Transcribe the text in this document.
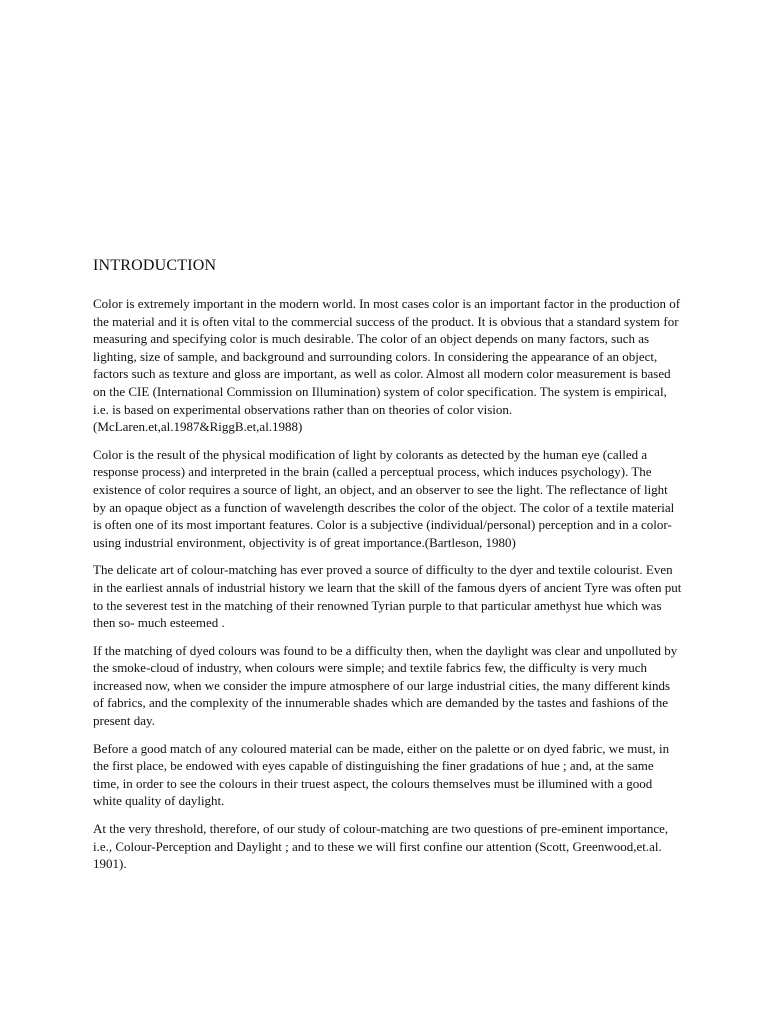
INTRODUCTION

Color is extremely important in the modern world. In most cases color is an important factor in the production of the material and it is often vital to the commercial success of the product. It is obvious that a standard system for measuring and specifying color is much desirable. The color of an object depends on many factors, such as lighting, size of sample, and background and surrounding colors. In considering the appearance of an object, factors such as texture and gloss are important, as well as color. Almost all modern color measurement is based on the CIE (International Commission on Illumination) system of color specification. The system is empirical, i.e. is based on experimental observations rather than on theories of color vision. (McLaren.et,al.1987&RiggB.et,al.1988)

Color is the result of the physical modification of light by colorants as detected by the human eye (called a response process) and interpreted in the brain (called a perceptual process, which induces psychology). The existence of color requires a source of light, an object, and an observer to see the light. The reflectance of light by an opaque object as a function of wavelength describes the color of the object. The color of a textile material is often one of its most important features. Color is a subjective (individual/personal) perception and in a color-using industrial environment, objectivity is of great importance.(Bartleson, 1980)

The delicate art of colour-matching has ever proved a source of difficulty to the dyer and textile colourist. Even in the earliest annals of industrial history we learn that the skill of the famous dyers of ancient Tyre was often put to the severest test in the matching of their renowned Tyrian purple to that particular amethyst hue which was then so- much esteemed .

If the matching of dyed colours was found to be a difficulty then, when the daylight was clear and unpolluted by the smoke-cloud of industry, when colours were simple; and textile fabrics few, the difficulty is very much increased now, when we consider the impure atmosphere of our large industrial cities, the many different kinds of fabrics, and the complexity of the innumerable shades which are demanded by the tastes and fashions of the present day.

Before a good match of any coloured material can be made, either on the palette or on dyed fabric, we must, in the first place, be endowed with eyes capable of distinguishing the finer gradations of hue ; and, at the same time, in order to see the colours in their truest aspect, the colours themselves must be illumined with a good white quality of daylight.

At the very threshold, therefore, of our study of colour-matching are two questions of pre-eminent importance, i.e., Colour-Perception and Daylight ; and to these we will first confine our attention (Scott, Greenwood,et.al. 1901).
